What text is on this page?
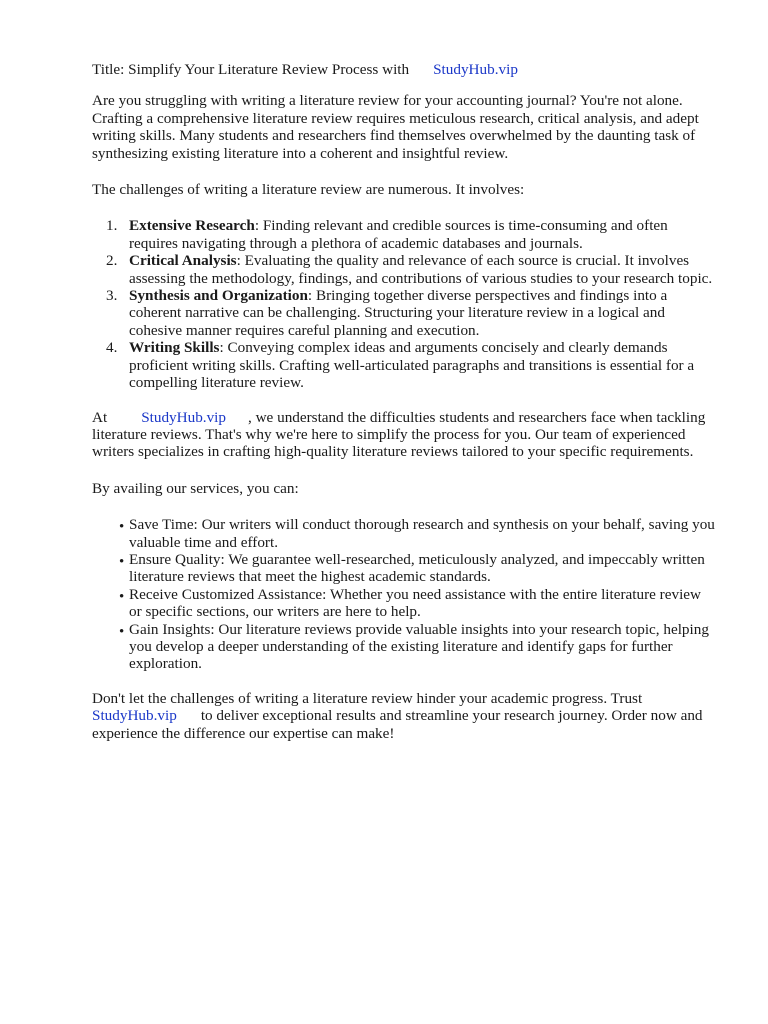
Title: Simplify Your Literature Review Process with StudyHub.vip

Are you struggling with writing a literature review for your accounting journal? You're not alone. Crafting a comprehensive literature review requires meticulous research, critical analysis, and adept writing skills. Many students and researchers find themselves overwhelmed by the daunting task of synthesizing existing literature into a coherent and insightful review.

The challenges of writing a literature review are numerous. It involves:

1. Extensive Research: Finding relevant and credible sources is time-consuming and often requires navigating through a plethora of academic databases and journals.
2. Critical Analysis: Evaluating the quality and relevance of each source is crucial. It involves assessing the methodology, findings, and contributions of various studies to your research topic.
3. Synthesis and Organization: Bringing together diverse perspectives and findings into a coherent narrative can be challenging. Structuring your literature review in a logical and cohesive manner requires careful planning and execution.
4. Writing Skills: Conveying complex ideas and arguments concisely and clearly demands proficient writing skills. Crafting well-articulated paragraphs and transitions is essential for a compelling literature review.

At StudyHub.vip , we understand the difficulties students and researchers face when tackling literature reviews. That's why we're here to simplify the process for you. Our team of experienced writers specializes in crafting high-quality literature reviews tailored to your specific requirements.

By availing our services, you can:

• Save Time: Our writers will conduct thorough research and synthesis on your behalf, saving you valuable time and effort.
• Ensure Quality: We guarantee well-researched, meticulously analyzed, and impeccably written literature reviews that meet the highest academic standards.
• Receive Customized Assistance: Whether you need assistance with the entire literature review or specific sections, our writers are here to help.
• Gain Insights: Our literature reviews provide valuable insights into your research topic, helping you develop a deeper understanding of the existing literature and identify gaps for further exploration.

Don't let the challenges of writing a literature review hinder your academic progress. Trust StudyHub.vip to deliver exceptional results and streamline your research journey. Order now and experience the difference our expertise can make!
